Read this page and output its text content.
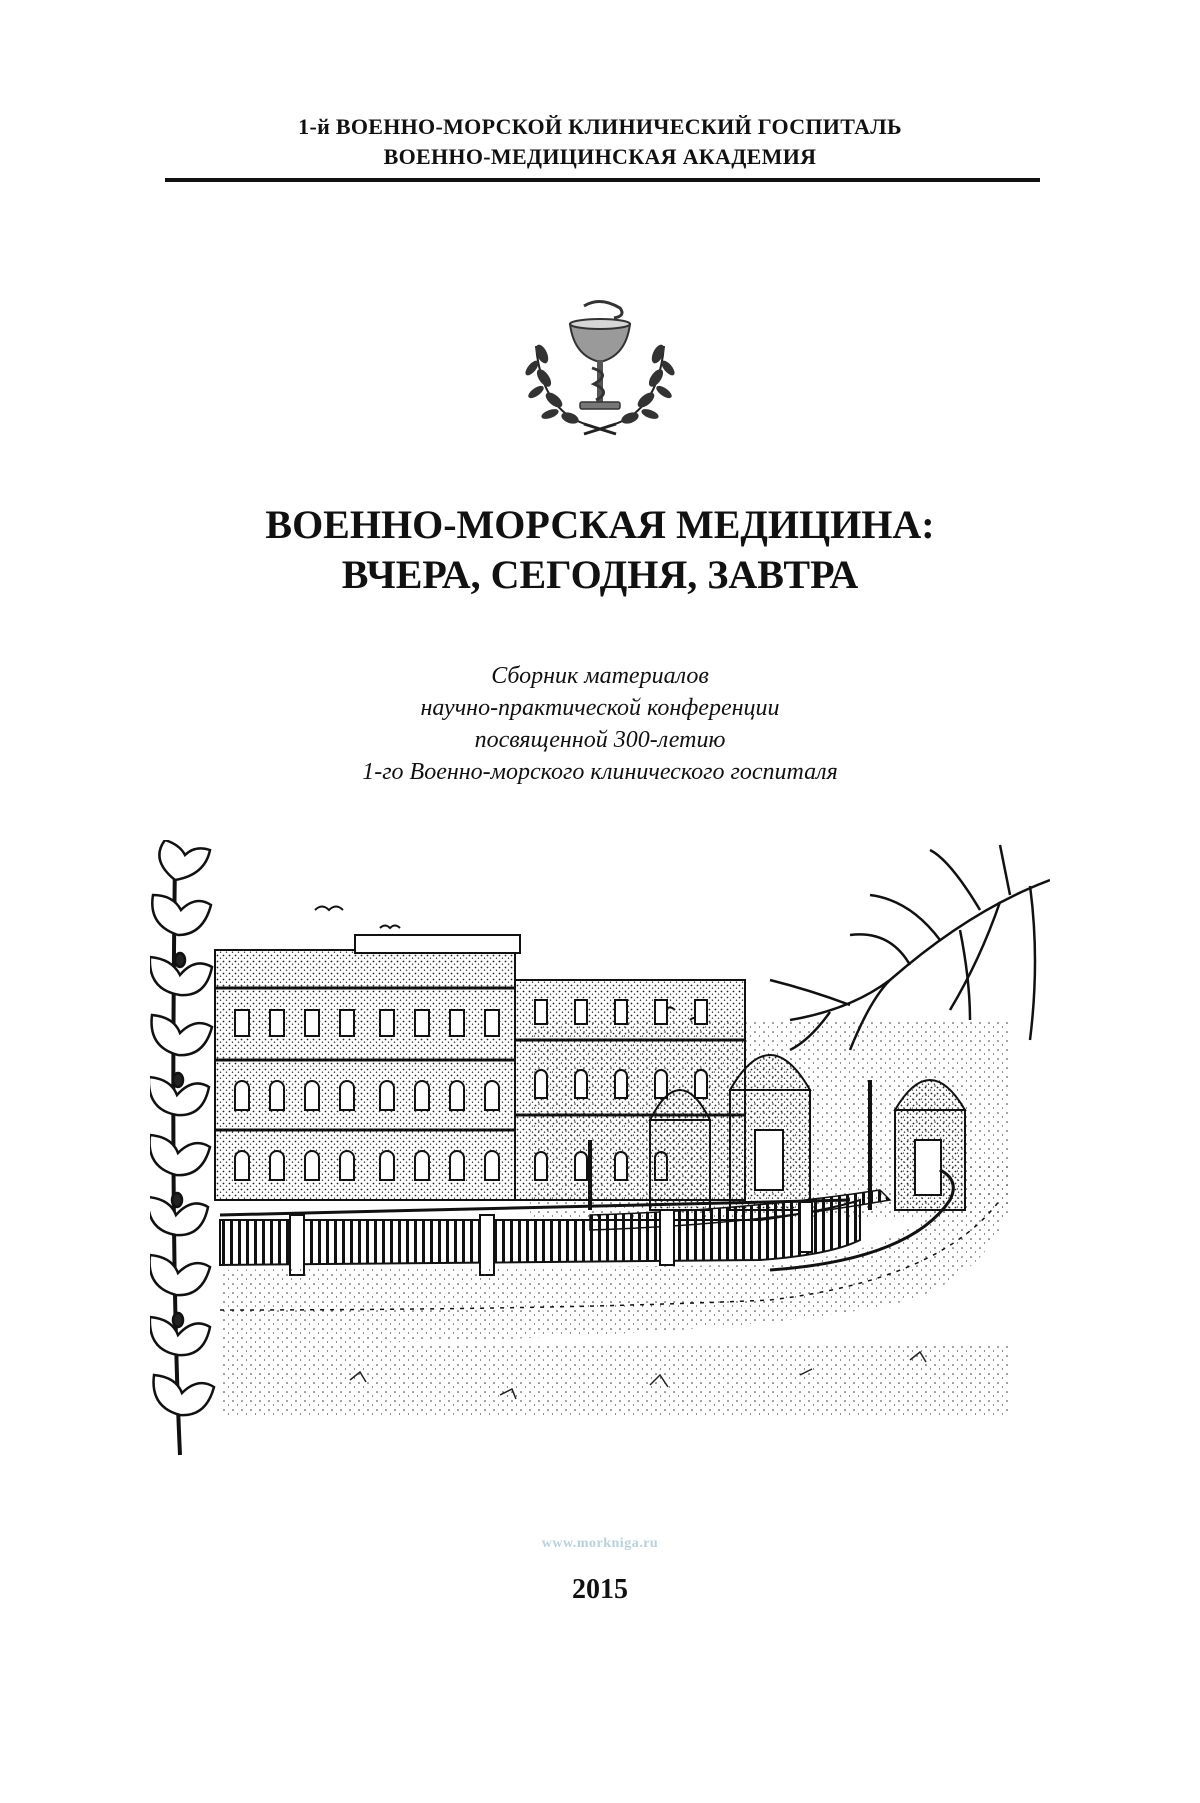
1-й ВОЕННО-МОРСКОЙ КЛИНИЧЕСКИЙ ГОСПИТАЛЬ
ВОЕННО-МЕДИЦИНСКАЯ АКАДЕМИЯ
ВОЕННО-МОРСКАЯ МЕДИЦИНА:
ВЧЕРА, СЕГОДНЯ, ЗАВТРА
Сборник материалов
научно-практической конференции
посвященной 300-летию
1-го Военно-морского клинического госпиталя
www.morkniga.ru
2015
